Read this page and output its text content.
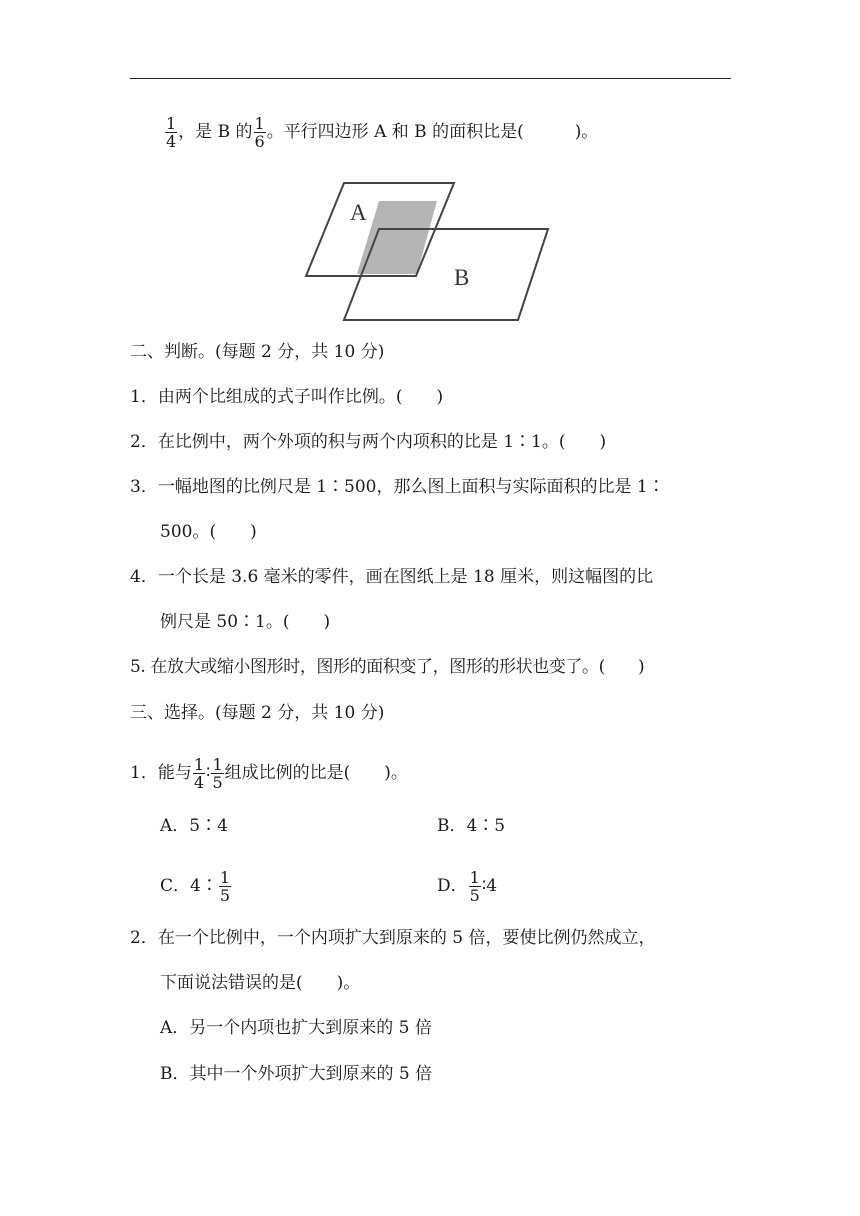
$\frac{1}{4}$ ，是 B 的 $\frac{1}{6}$ 。平行四边形 A 和 B 的面积比是(　　　)。
A
B
二、判断。(每题 2 分，共 10 分)
1．由两个比组成的式子叫作比例。(　　)
2．在比例中，两个外项的积与两个内项积的比是 1∶1。(　　)
3．一幅地图的比例尺是 1∶500，那么图上面积与实际面积的比是 1∶
500。(　　)
4．一个长是 3.6 毫米的零件，画在图纸上是 18 厘米，则这幅图的比
例尺是 50∶1。(　　)
5. 在放大或缩小图形时，图形的面积变了，图形的形状也变了。(　　)
三、选择。(每题 2 分，共 10 分)
1．能与 $\frac{1}{4}$ ∶ $\frac{1}{5}$ 组成比例的比是(　　)。
A．5∶4	B．4∶5
C．4∶ $\frac{1}{5}$	D． $\frac{1}{5}$ ∶4
2．在一个比例中，一个内项扩大到原来的 5 倍，要使比例仍然成立，
下面说法错误的是(　　)。
A．另一个内项也扩大到原来的 5 倍
B．其中一个外项扩大到原来的 5 倍
